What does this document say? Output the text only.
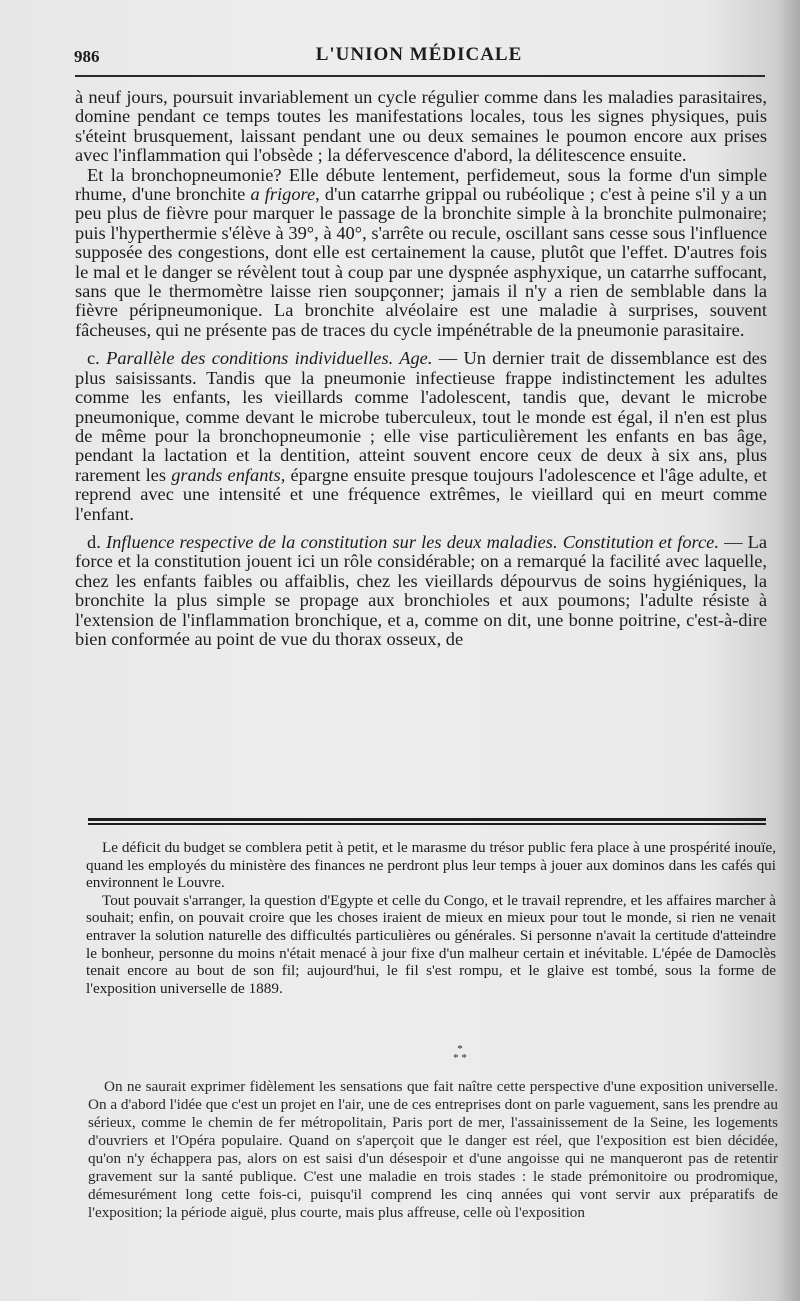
986	L'UNION MÉDICALE

à neuf jours, poursuit invariablement un cycle régulier comme dans les maladies parasitaires, domine pendant ce temps toutes les manifestations locales, tous les signes physiques, puis s'éteint brusquement, laissant pendant une ou deux semaines le poumon encore aux prises avec l'inflammation qui l'obsède ; la défervescence d'abord, la délitescence ensuite.

Et la bronchopneumonie? Elle débute lentement, perfidemeut, sous la forme d'un simple rhume, d'une bronchite a frigore, d'un catarrhe grippal ou rubéolique ; c'est à peine s'il y a un peu plus de fièvre pour marquer le passage de la bronchite simple à la bronchite pulmonaire; puis l'hyperthermie s'élève à 39°, à 40°, s'arrête ou recule, oscillant sans cesse sous l'influence supposée des congestions, dont elle est certainement la cause, plutôt que l'effet. D'autres fois le mal et le danger se révèlent tout à coup par une dyspnée asphyxique, un catarrhe suffocant, sans que le thermomètre laisse rien soupçonner; jamais il n'y a rien de semblable dans la fièvre péripneumonique. La bronchite alvéolaire est une maladie à surprises, souvent fâcheuses, qui ne présente pas de traces du cycle impénétrable de la pneumonie parasitaire.

c. Parallèle des conditions individuelles. Age. — Un dernier trait de dissemblance est des plus saisissants. Tandis que la pneumonie infectieuse frappe indistinctement les adultes comme les enfants, les vieillards comme l'adolescent, tandis que, devant le microbe pneumonique, comme devant le microbe tuberculeux, tout le monde est égal, il n'en est plus de même pour la bronchopneumonie ; elle vise particulièrement les enfants en bas âge, pendant la lactation et la dentition, atteint souvent encore ceux de deux à six ans, plus rarement les grands enfants, épargne ensuite presque toujours l'adolescence et l'âge adulte, et reprend avec une intensité et une fréquence extrêmes, le vieillard qui en meurt comme l'enfant.

d. Influence respective de la constitution sur les deux maladies. Constitution et force. — La force et la constitution jouent ici un rôle considérable; on a remarqué la facilité avec laquelle, chez les enfants faibles ou affaiblis, chez les vieillards dépourvus de soins hygiéniques, la bronchite la plus simple se propage aux bronchioles et aux poumons; l'adulte résiste à l'extension de l'inflammation bronchique, et a, comme on dit, une bonne poitrine, c'est-à-dire bien conformée au point de vue du thorax osseux, de

Le déficit du budget se comblera petit à petit, et le marasme du trésor public fera place à une prospérité inouïe, quand les employés du ministère des finances ne perdront plus leur temps à jouer aux dominos dans les cafés qui environnent le Louvre.

Tout pouvait s'arranger, la question d'Egypte et celle du Congo, et le travail reprendre, et les affaires marcher à souhait; enfin, on pouvait croire que les choses iraient de mieux en mieux pour tout le monde, si rien ne venait entraver la solution naturelle des difficultés particulières ou générales. Si personne n'avait la certitude d'atteindre le bonheur, personne du moins n'était menacé à jour fixe d'un malheur certain et inévitable. L'épée de Damoclès tenait encore au bout de son fil; aujourd'hui, le fil s'est rompu, et le glaive est tombé, sous la forme de l'exposition universelle de 1889.

*
* *

On ne saurait exprimer fidèlement les sensations que fait naître cette perspective d'une exposition universelle. On a d'abord l'idée que c'est un projet en l'air, une de ces entreprises dont on parle vaguement, sans les prendre au sérieux, comme le chemin de fer métropolitain, Paris port de mer, l'assainissement de la Seine, les logements d'ouvriers et l'Opéra populaire. Quand on s'aperçoit que le danger est réel, que l'exposition est bien décidée, qu'on n'y échappera pas, alors on est saisi d'un désespoir et d'une angoisse qui ne manqueront pas de retentir gravement sur la santé publique. C'est une maladie en trois stades : le stade prémonitoire ou prodromique, démesurément long cette fois-ci, puisqu'il comprend les cinq années qui vont servir aux préparatifs de l'exposition; la période aiguë, plus courte, mais plus affreuse, celle où l'exposition
